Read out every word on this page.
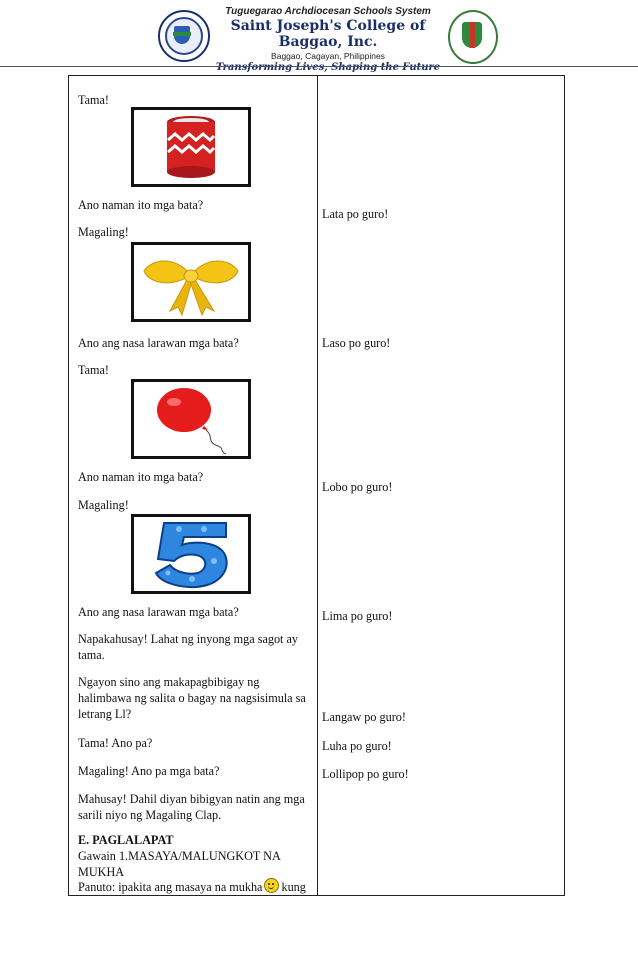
Tuguegarao Archdiocesan Schools System
Saint Joseph's College of Baggao, Inc.
Baggao, Cagayan, Philippines
Transforming Lives, Shaping the Future
Tama!
Ano naman ito mga bata?
Magaling!
Ano ang nasa larawan mga bata?
Tama!
Ano naman ito mga bata?
Magaling!
Ano ang nasa larawan mga bata?
Napakahusay! Lahat ng inyong mga sagot ay tama.
Ngayon sino ang makapagbibigay ng halimbawa ng salita o bagay na nagsisimula sa letrang Ll?
Tama! Ano pa?
Magaling! Ano pa mga bata?
Mahusay! Dahil diyan bibigyan natin ang mga sarili niyo ng Magaling Clap.
E. PAGLALAPAT
Gawain 1.MASAYA/MALUNGKOT NA MUKHA
Panuto: ipakita ang masaya na mukha kung
Lata po guro!
Laso po guro!
Lobo po guro!
Lima po guro!
Langaw po guro!
Luha po guro!
Lollipop po guro!
